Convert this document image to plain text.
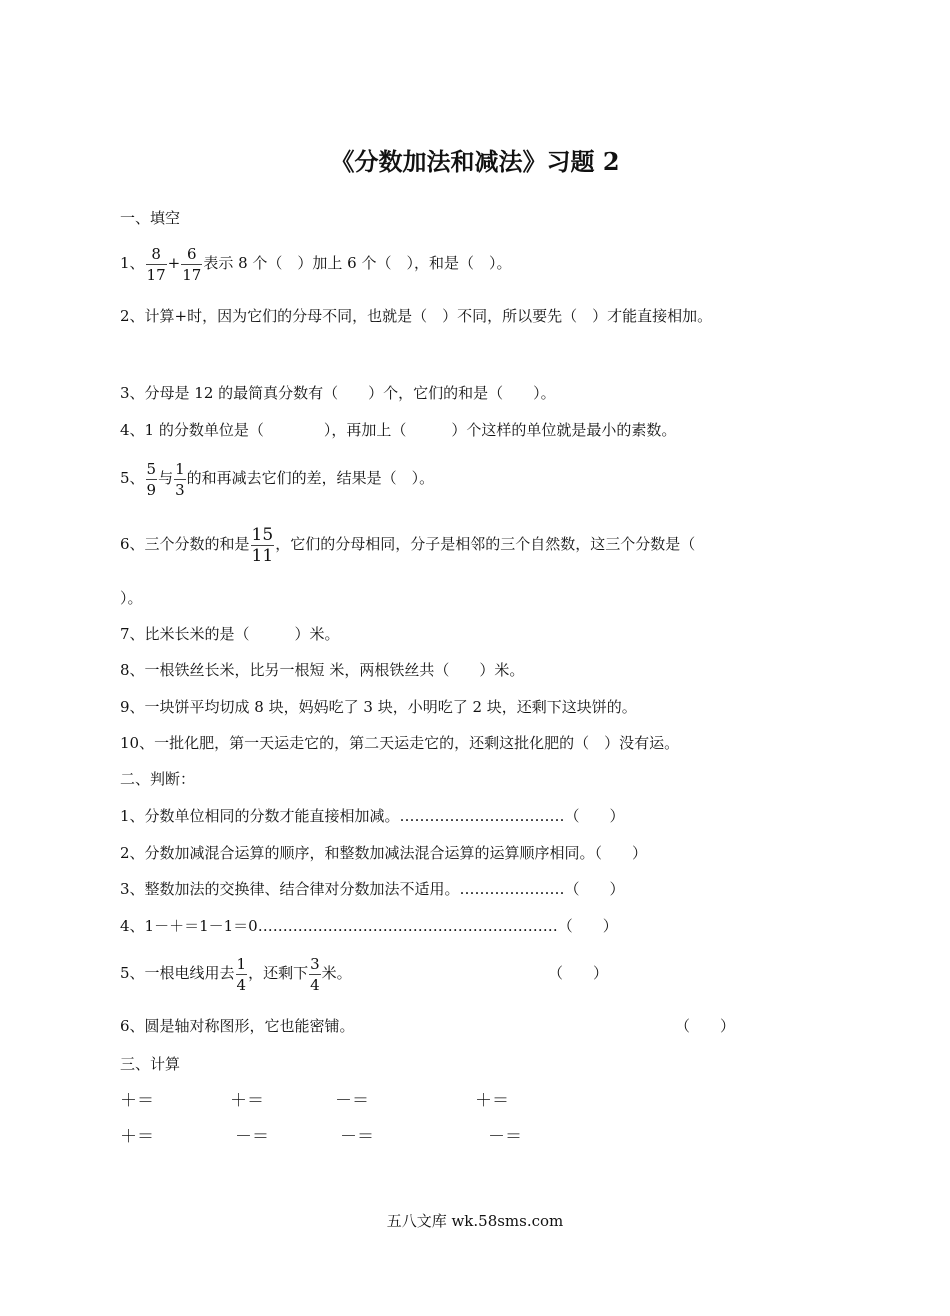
《分数加法和减法》习题 2
一、填空
1、 $\frac{8}{17} + \frac{6}{17}$ 表示 8 个（　）加上 6 个（　），和是（　）。
2、计算+时，因为它们的分母不同，也就是（　）不同，所以要先（　）才能直接相加。
3、分母是 12 的最简真分数有（　　）个，它们的和是（　　）。
4、1 的分数单位是（　　　　），再加上（　　　）个这样的单位就是最小的素数。
5、 $\frac{5}{9}$ 与 $\frac{1}{3}$ 的和再减去它们的差，结果是（　）。
6、三个分数的和是 $\frac{15}{11}$ ，它们的分母相同，分子是相邻的三个自然数，这三个分数是（
）。
7、比米长米的是（　　　）米。
8、一根铁丝长米，比另一根短 米，两根铁丝共（　　）米。
9、一块饼平均切成 8 块，妈妈吃了 3 块，小明吃了 2 块，还剩下这块饼的。
10、一批化肥，第一天运走它的，第二天运走它的，还剩这批化肥的（　）没有运。
二、判断：
1、分数单位相同的分数才能直接相加减。……………………………（　　）
2、分数加减混合运算的顺序，和整数加减法混合运算的运算顺序相同。（　　）
3、整数加法的交换律、结合律对分数加法不适用。…………………（　　）
4、1－＋＝1－1＝0……………………………………………………（　　）
5、一根电线用去 $\frac{1}{4}$ ，还剩下 $\frac{3}{4}$ 米。	（　　）
6、圆是轴对称图形，它也能密铺。	（　　）
三、计算
＋＝	＋＝	－＝	＋＝
＋＝	－＝	－＝	－＝
五八文库 wk.58sms.com
